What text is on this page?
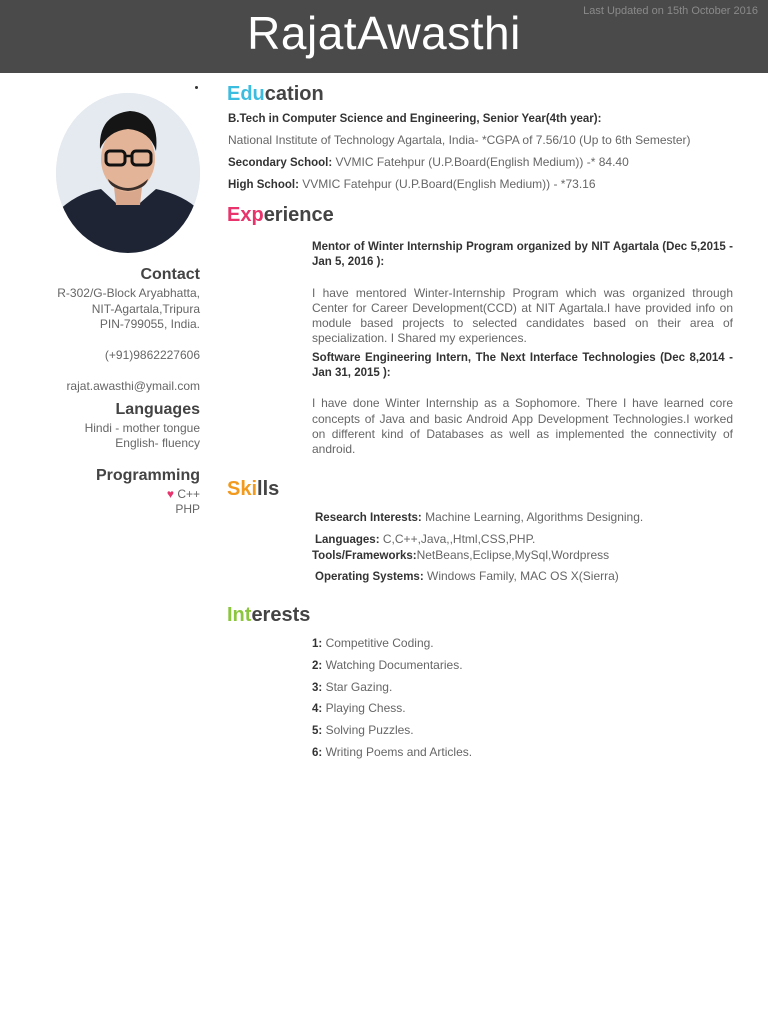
RajatAwasthi	Last Updated on 15th October 2016
Contact
R-302/G-Block Aryabhatta,
NIT-Agartala,Tripura
PIN-799055, India.
(+91)9862227606
rajat.awasthi@ymail.com
Languages
Hindi - mother tongue
English- fluency
Programming
♥ C++
PHP
Education
B.Tech in Computer Science and Engineering, Senior Year(4th year):
National Institute of Technology Agartala, India- *CGPA of 7.56/10 (Up to 6th Semester)
Secondary School: VVMIC Fatehpur (U.P.Board(English Medium)) -* 84.40
High School: VVMIC Fatehpur (U.P.Board(English Medium)) - *73.16
Experience
Mentor of Winter Internship Program organized by NIT Agartala (Dec 5,2015 - Jan 5, 2016 ):
I have mentored Winter-Internship Program which was organized through Center for Career Development(CCD) at NIT Agartala.I have provided info on module based projects to selected candidates based on their area of specialization. I Shared my experiences.
Software Engineering Intern, The Next Interface Technologies (Dec 8,2014 - Jan 31, 2015 ):
I have done Winter Internship as a Sophomore. There I have learned core concepts of Java and basic Android App Development Technologies.I worked on different kind of Databases as well as implemented the connectivity of android.
Skills
Research Interests: Machine Learning, Algorithms Designing.
Languages: C,C++,Java,,Html,CSS,PHP.
Tools/Frameworks:NetBeans,Eclipse,MySql,Wordpress
Operating Systems: Windows Family, MAC OS X(Sierra)
Interests
1: Competitive Coding.
2: Watching Documentaries.
3: Star Gazing.
4: Playing Chess.
5: Solving Puzzles.
6: Writing Poems and Articles.
